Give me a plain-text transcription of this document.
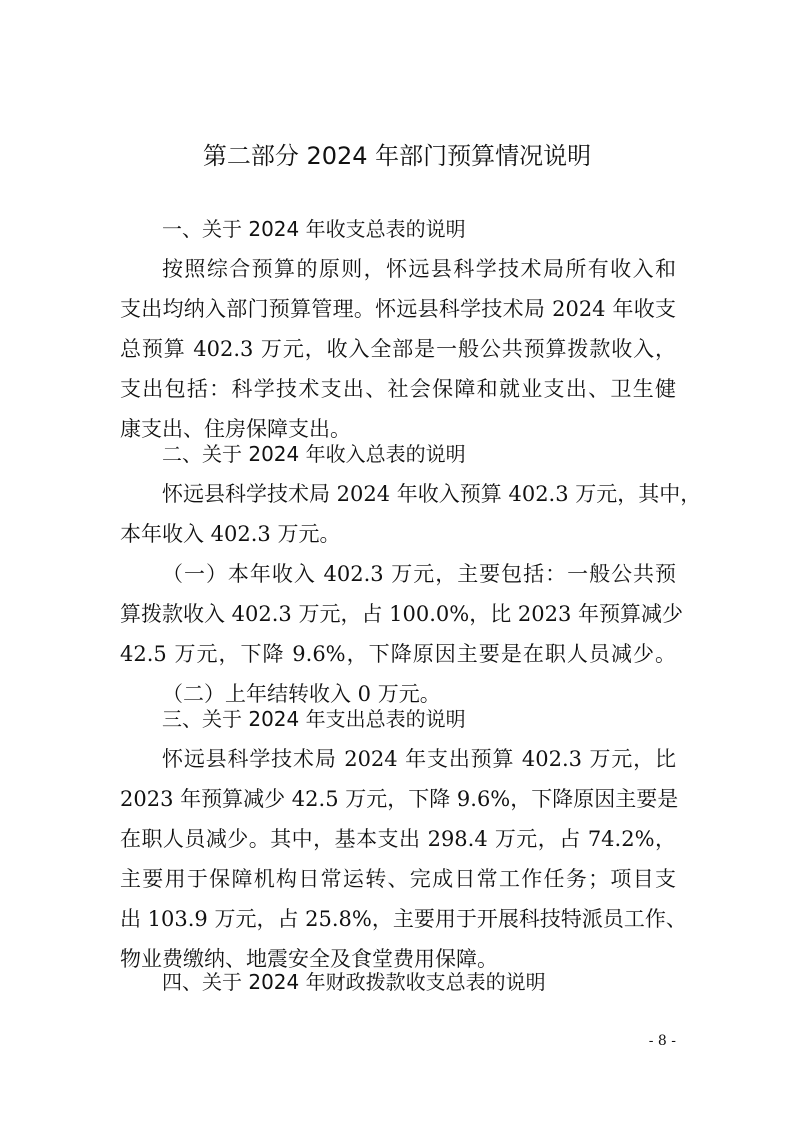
第二部分 2024 年部门预算情况说明
一、关于 2024 年收支总表的说明

按照综合预算的原则，怀远县科学技术局所有收入和

支出均纳入部门预算管理。怀远县科学技术局 2024 年收支

总预算 402.3 万元，收入全部是一般公共预算拨款收入，

支出包括：科学技术支出、社会保障和就业支出、卫生健

康支出、住房保障支出。

二、关于 2024 年收入总表的说明

怀远县科学技术局 2024 年收入预算 402.3 万元，其中，

本年收入 402.3 万元。

（一）本年收入 402.3 万元，主要包括：一般公共预

算拨款收入 402.3 万元，占 100.0%，比 2023 年预算减少

42.5 万元，下降 9.6%，下降原因主要是在职人员减少。

（二）上年结转收入 0 万元。

三、关于 2024 年支出总表的说明

怀远县科学技术局 2024 年支出预算 402.3 万元，比

2023 年预算减少 42.5 万元，下降 9.6%，下降原因主要是

在职人员减少。其中，基本支出 298.4 万元，占 74.2%，

主要用于保障机构日常运转、完成日常工作任务；项目支

出 103.9 万元，占 25.8%，主要用于开展科技特派员工作、

物业费缴纳、地震安全及食堂费用保障。

四、关于 2024 年财政拨款收支总表的说明
- 8 -
